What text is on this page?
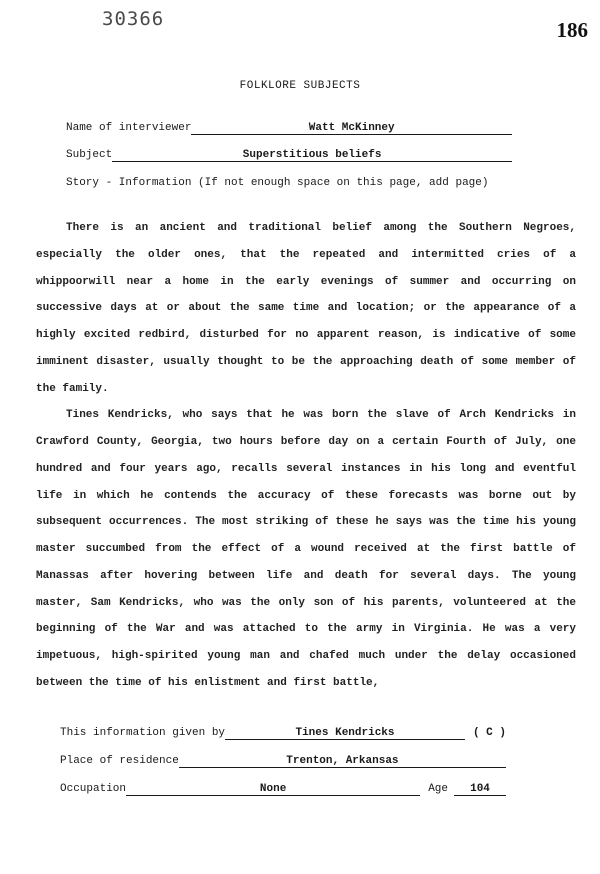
30366	186
FOLKLORE SUBJECTS
Name of interviewer	Watt McKinney
Subject	Superstitious beliefs
Story - Information (If not enough space on this page, add page)

There is an ancient and traditional belief among the Southern Negroes, especially the older ones, that the repeated and intermitted cries of a whippoorwill near a home in the early evenings of summer and occurring on successive days at or about the same time and location; or the appearance of a highly excited redbird, disturbed for no apparent reason, is indicative of some imminent disaster, usually thought to be the approaching death of some member of the family.

Tines Kendricks, who says that he was born the slave of Arch Kendricks in Crawford County, Georgia, two hours before day on a certain Fourth of July, one hundred and four years ago, recalls several instances in his long and eventful life in which he contends the accuracy of these forecasts was borne out by subsequent occurrences. The most striking of these he says was the time his young master succumbed from the effect of a wound received at the first battle of Manassas after hovering between life and death for several days. The young master, Sam Kendricks, who was the only son of his parents, volunteered at the beginning of the War and was attached to the army in Virginia. He was a very impetuous, high-spirited young man and chafed much under the delay occasioned between the time of his enlistment and first battle,

This information given by	Tines Kendricks	( C )
Place of residence	Trenton, Arkansas
Occupation	None	Age	104
